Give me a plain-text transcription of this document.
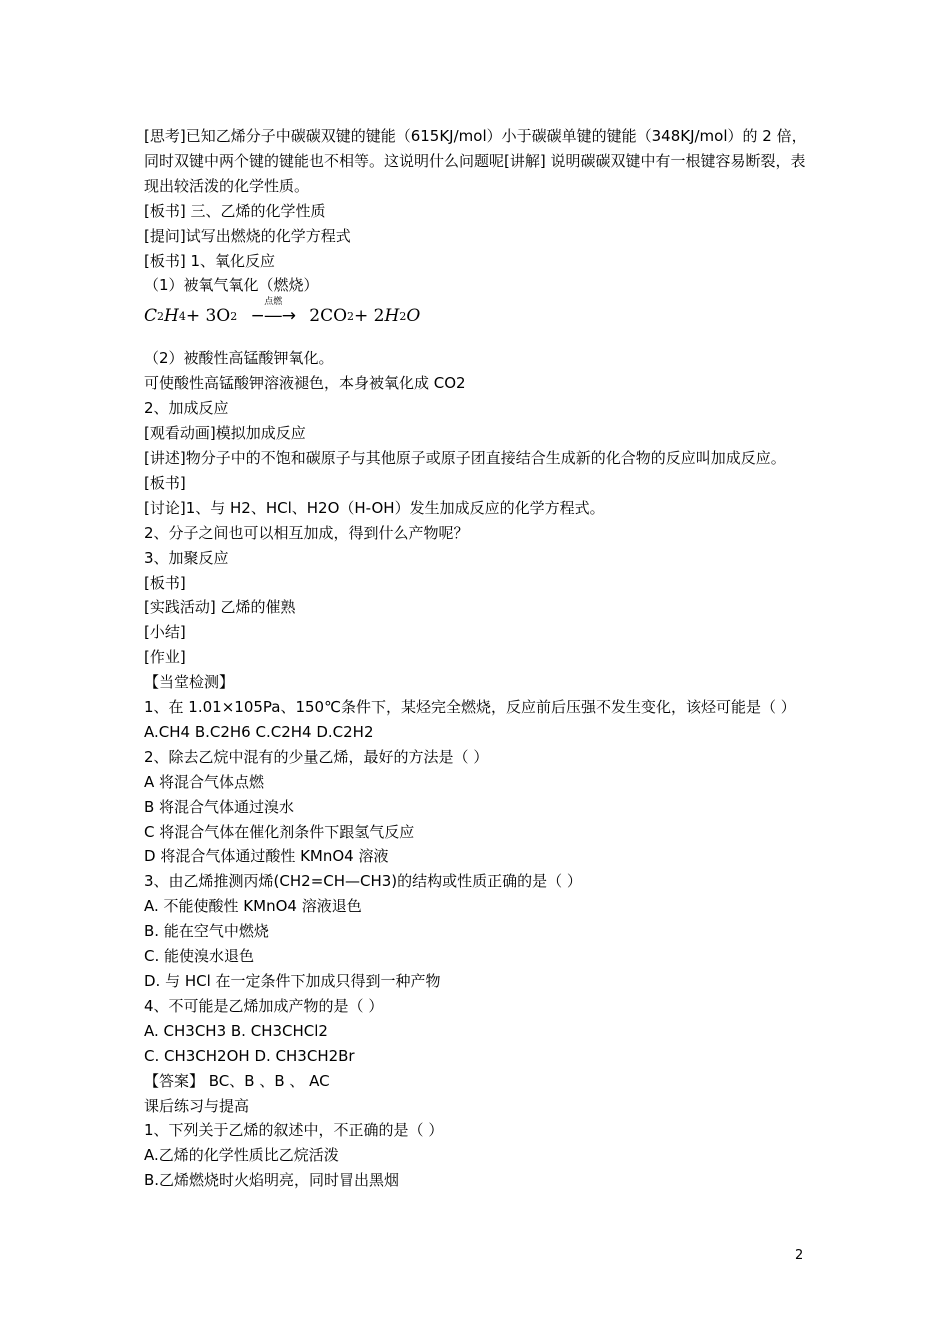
[思考]已知乙烯分子中碳碳双键的键能（615KJ/mol）小于碳碳单键的键能（348KJ/mol）的 2 倍，同时双键中两个键的键能也不相等。这说明什么问题呢[讲解] 说明碳碳双键中有一根键容易断裂，表现出较活泼的化学性质。
[板书] 三、乙烯的化学性质
[提问]试写出燃烧的化学方程式
[板书] 1、氧化反应
（1）被氧气氧化（燃烧）
C 2 H 4 + 3O 2
点燃
−―→ 2CO 2 + 2 H 2 O
（2）被酸性高锰酸钾氧化。
可使酸性高锰酸钾溶液褪色，本身被氧化成 CO2
2、加成反应
[观看动画]模拟加成反应
[讲述]物分子中的不饱和碳原子与其他原子或原子团直接结合生成新的化合物的反应叫加成反应。
[板书]
[讨论]1、与 H2、HCl、H2O（H-OH）发生加成反应的化学方程式。
2、分子之间也可以相互加成，得到什么产物呢？
3、加聚反应
[板书]
[实践活动] 乙烯的催熟
[小结]
[作业]
【当堂检测】
1、在 1.01×105Pa、150℃条件下，某烃完全燃烧，反应前后压强不发生变化，该烃可能是（ ）
A.CH4 B.C2H6 C.C2H4 D.C2H2
2、除去乙烷中混有的少量乙烯，最好的方法是（ ）
A 将混合气体点燃
B 将混合气体通过溴水
C 将混合气体在催化剂条件下跟氢气反应
D 将混合气体通过酸性 KMnO4 溶液
3、由乙烯推测丙烯(CH2=CH—CH3)的结构或性质正确的是（ ）
A. 不能使酸性 KMnO4 溶液退色
B. 能在空气中燃烧
C. 能使溴水退色
D. 与 HCl 在一定条件下加成只得到一种产物
4、不可能是乙烯加成产物的是（ ）
A. CH3CH3 B. CH3CHCl2
C. CH3CH2OH D. CH3CH2Br
【答案】 BC、B 、B 、 AC
课后练习与提高
1、下列关于乙烯的叙述中，不正确的是（ ）
A.乙烯的化学性质比乙烷活泼
B.乙烯燃烧时火焰明亮，同时冒出黑烟
2
